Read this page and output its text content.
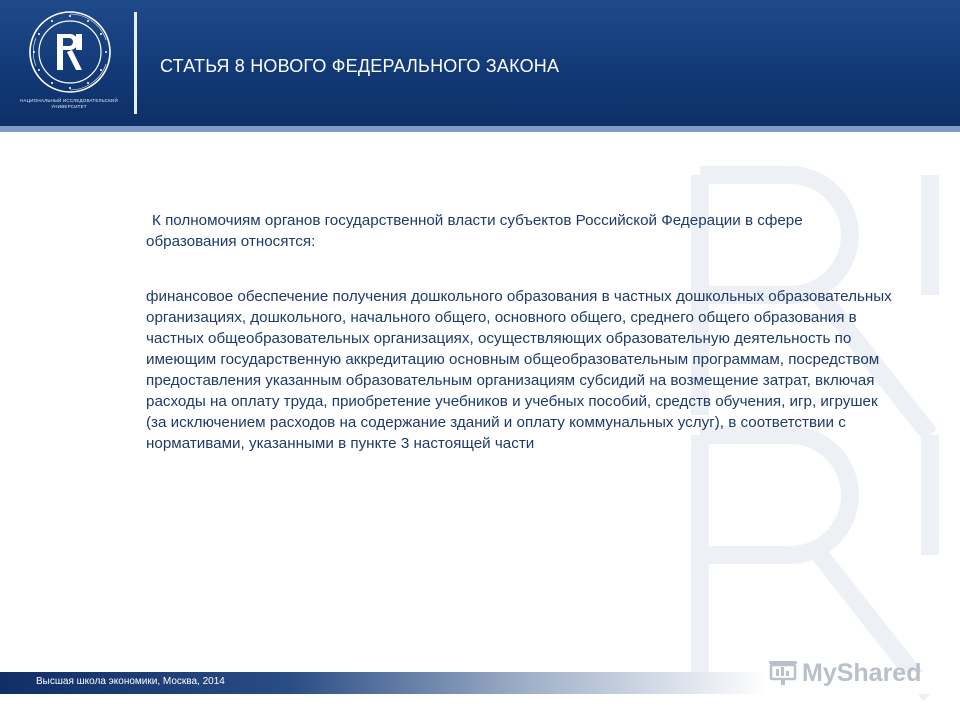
НАЦИОНАЛЬНЫЙ ИССЛЕДОВАТЕЛЬСКИЙ
УНИВЕРСИТЕТ
СТАТЬЯ 8 НОВОГО ФЕДЕРАЛЬНОГО ЗАКОНА

К полномочиям органов государственной власти субъектов Российской Федерации в сфере образования относятся:

финансовое обеспечение получения дошкольного образования в частных дошкольных образовательных организациях, дошкольного, начального общего, основного общего, среднего общего образования в частных общеобразовательных организациях, осуществляющих образовательную деятельность по имеющим государственную аккредитацию основным общеобразовательным программам, посредством предоставления указанным образовательным организациям субсидий на возмещение затрат, включая расходы на оплату труда, приобретение учебников и учебных пособий, средств обучения, игр, игрушек (за исключением расходов на содержание зданий и оплату коммунальных услуг), в соответствии с нормативами, указанными в пункте 3 настоящей части

Высшая школа экономики, Москва, 2014	MyShared
